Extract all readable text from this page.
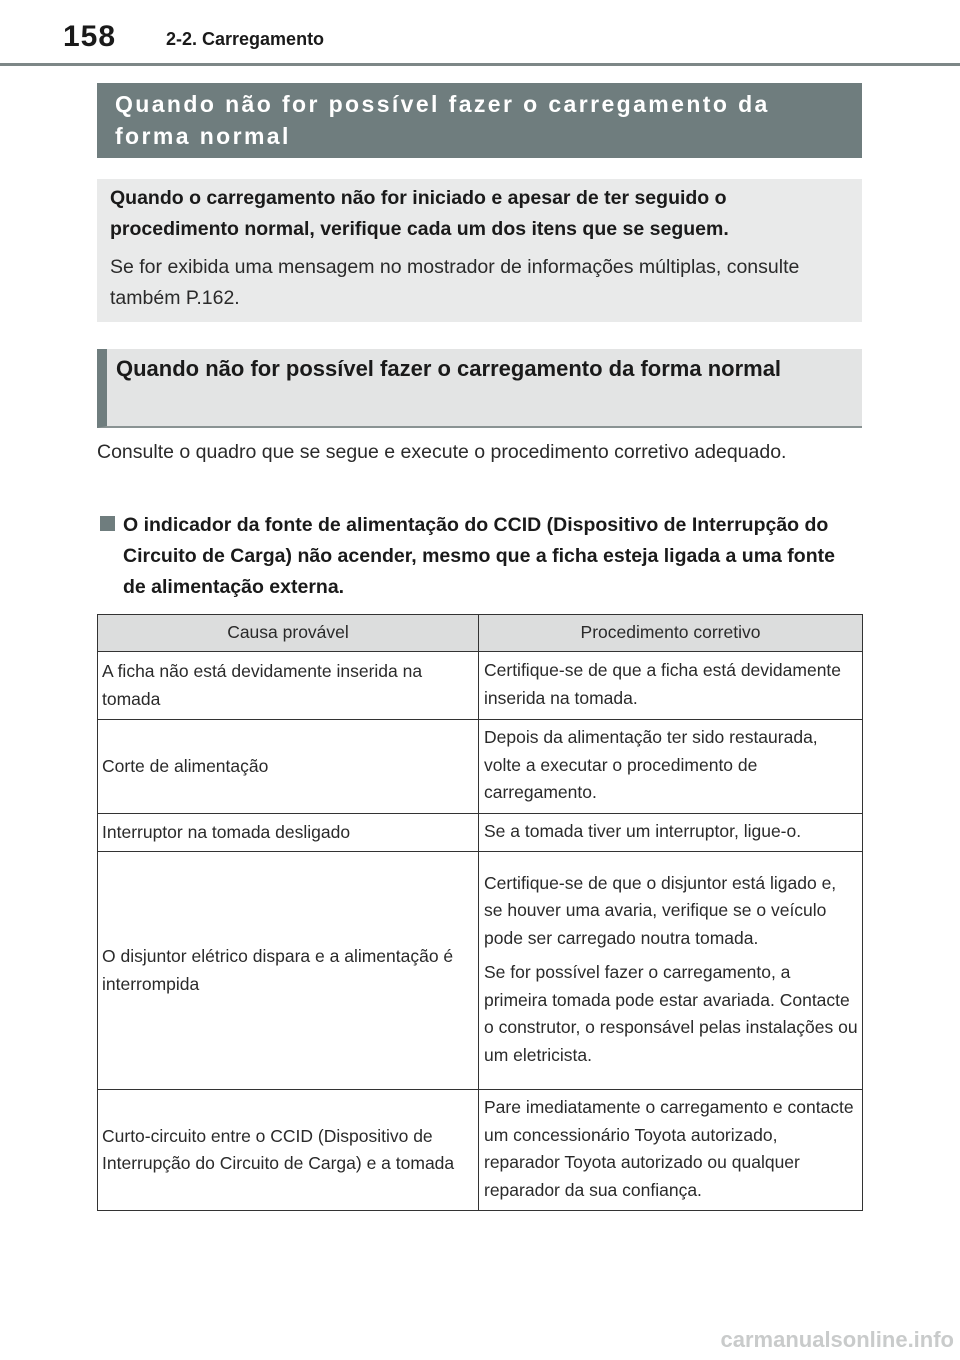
158	2-2. Carregamento
Quando não for possível fazer o carregamento da forma normal

Quando o carregamento não for iniciado e apesar de ter seguido o procedimento normal, verifique cada um dos itens que se seguem.

Se for exibida uma mensagem no mostrador de informações múltiplas, consulte também P.162.

Quando não for possível fazer o carregamento da forma normal

Consulte o quadro que se segue e execute o procedimento corretivo adequado.

O indicador da fonte de alimentação do CCID (Dispositivo de Interrupção do Circuito de Carga) não acender, mesmo que a ficha esteja ligada a uma fonte de alimentação externa.

Causa provável	Procedimento corretivo
A ficha não está devidamente inserida na tomada	Certifique-se de que a ficha está devidamente inserida na tomada.

Corte de alimentação	Depois da alimentação ter sido restaurada, volte a executar o procedimento de carregamento.

Interruptor na tomada desligado	Se a tomada tiver um interruptor, ligue-o.

O disjuntor elétrico dispara e a alimentação é interrompida	Certifique-se de que o disjuntor está ligado e, se houver uma avaria, verifique se o veículo pode ser carregado noutra tomada.
Se for possível fazer o carregamento, a primeira tomada pode estar avariada. Contacte o construtor, o responsável pelas instalações ou um eletricista.

Curto-circuito entre o CCID (Dispositivo de Interrupção do Circuito de Carga) e a tomada	Pare imediatamente o carregamento e contacte um concessionário Toyota autorizado, reparador Toyota autorizado ou qualquer reparador da sua confiança.
carmanualsonline.info
